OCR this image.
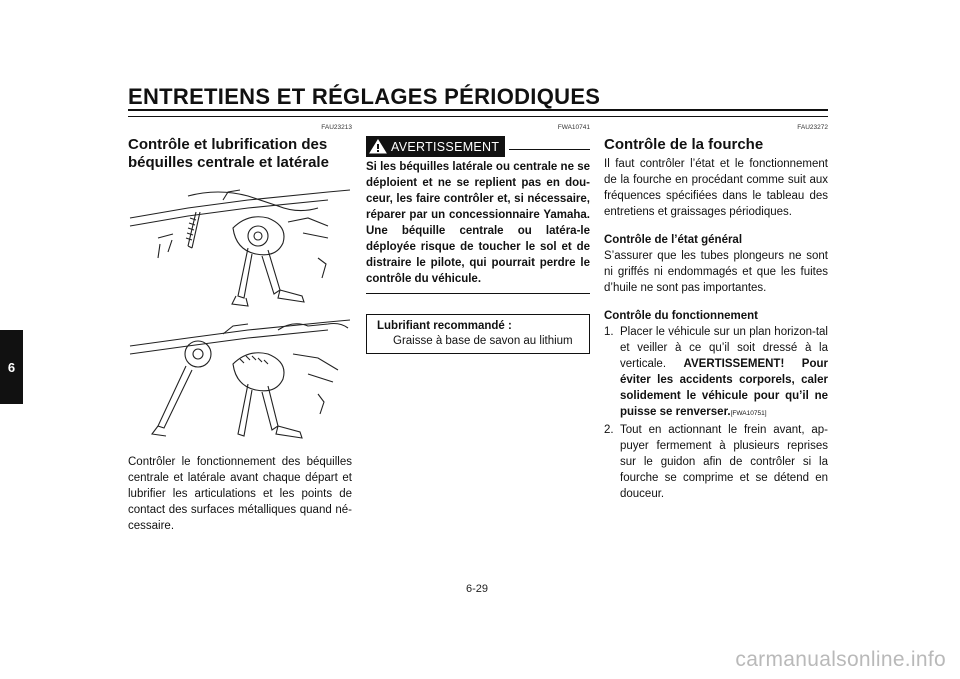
ENTRETIENS ET RÉGLAGES PÉRIODIQUES
6
FAU23213
Contrôle et lubrification des béquilles centrale et latérale

Contrôler le fonctionnement des béquilles centrale et latérale avant chaque départ et lubrifier les articulations et les points de contact des surfaces métalliques quand né-cessaire.

FWA10741
AVERTISSEMENT

Si les béquilles latérale ou centrale ne se déploient et ne se replient pas en dou-ceur, les faire contrôler et, si nécessaire, réparer par un concessionnaire Yamaha. Une béquille centrale ou latéra-le déployée risque de toucher le sol et de distraire le pilote, qui pourrait perdre le contrôle du véhicule.

Lubrifiant recommandé :
Graisse à base de savon au lithium
FAU23272
Contrôle de la fourche

Il faut contrôler l’état et le fonctionnement de la fourche en procédant comme suit aux fréquences spécifiées dans le tableau des entretiens et graissages périodiques.

Contrôle de l’état général

S’assurer que les tubes plongeurs ne sont ni griffés ni endommagés et que les fuites d’huile ne sont pas importantes.

Contrôle du fonctionnement
1. Placer le véhicule sur un plan horizon-tal et veiller à ce qu’il soit dressé à la verticale. AVERTISSEMENT! Pour éviter les accidents corporels, caler solidement le véhicule pour qu’il ne puisse se renverser.[FWA10751]
2. Tout en actionnant le frein avant, ap-puyer fermement à plusieurs reprises sur le guidon afin de contrôler si la fourche se comprime et se détend en douceur.
6-29
carmanualsonline.info
